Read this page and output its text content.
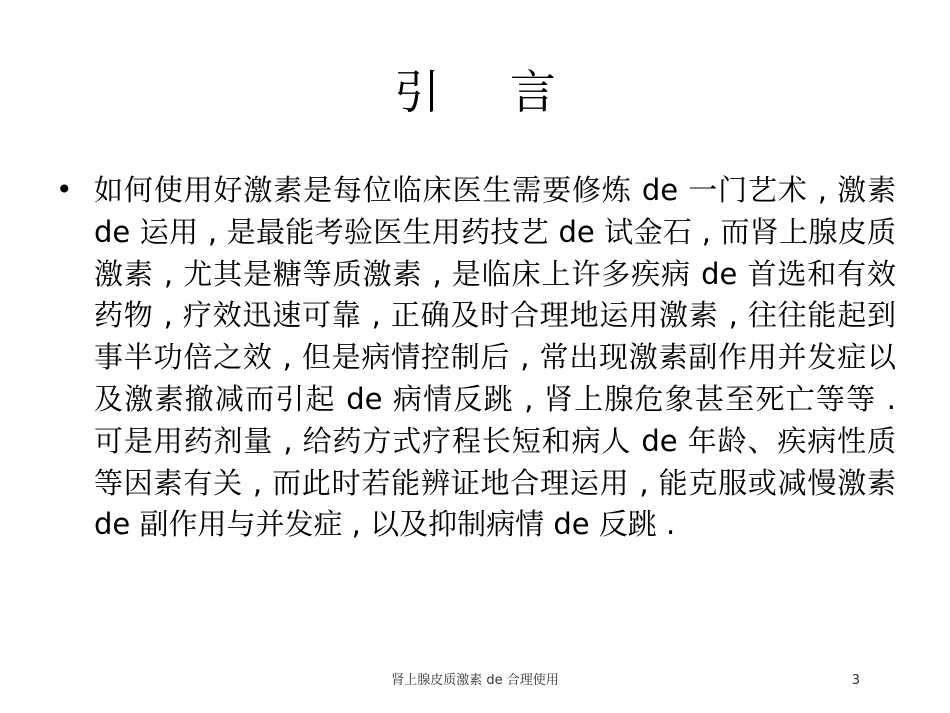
引 言
• 如何使用好激素是每位临床医生需要修炼 de 一门艺术 , 激素 de 运用 , 是最能考验医生用药技艺 de 试金石 , 而肾上腺皮质激素 , 尤其是糖等质激素 , 是临床上许多疾病 de 首选和有效药物 , 疗效迅速可靠 , 正确及时合理地运用激素 , 往往能起到事半功倍之效 , 但是病情控制后 , 常出现激素副作用并发症以及激素撤减而引起 de 病情反跳 , 肾上腺危象甚至死亡等等 . 可是用药剂量 , 给药方式疗程长短和病人 de 年龄、疾病性质等因素有关 , 而此时若能辨证地合理运用 , 能克服或减慢激素 de 副作用与并发症 , 以及抑制病情 de 反跳 .
肾上腺皮质激素 de 合理使用	3
